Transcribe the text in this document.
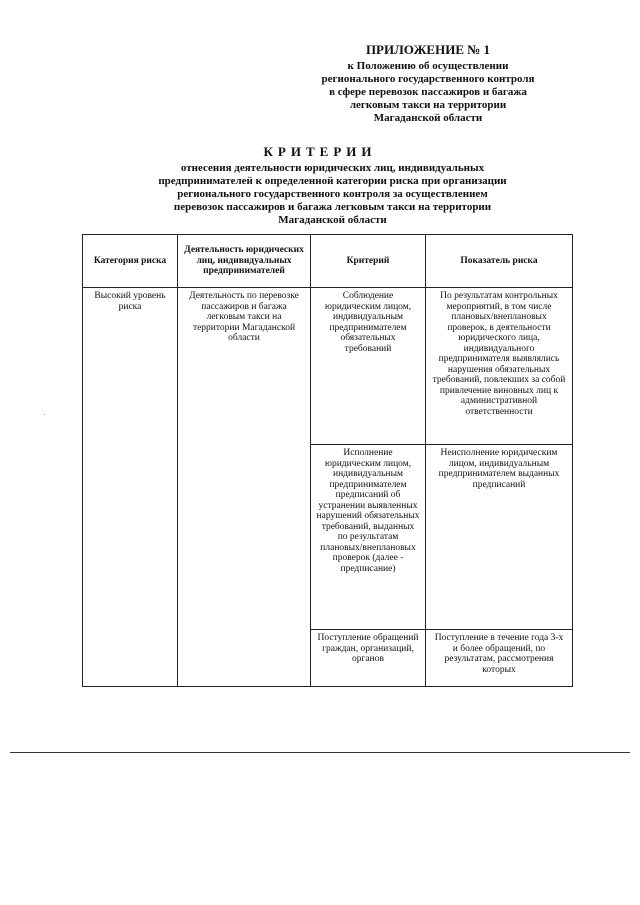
ПРИЛОЖЕНИЕ № 1
к Положению об осуществлении
регионального государственного контроля
в сфере перевозок пассажиров и багажа
легковым такси на территории
Магаданской области
КРИТЕРИИ
отнесения деятельности юридических лиц, индивидуальных
предпринимателей к определенной категории риска при организации
регионального государственного контроля за осуществлением
перевозок пассажиров и багажа легковым такси на территории
Магаданской области
Категория риска	Деятельность юридических лиц, индивидуальных предпринимателей	Критерий	Показатель риска
Высокий уровень риска	Деятельность по перевозке пассажиров и багажа легковым такси на территории Магаданской области	Соблюдение юридическим лицом, индивидуальным предпринимателем обязательных требований	По результатам контрольных мероприятий, в том числе плановых/внеплановых проверок, в деятельности юридического лица, индивидуального предпринимателя выявлялись нарушения обязательных требований, повлекших за собой привлечение виновных лиц к административной ответственности
		Исполнение юридическим лицом, индивидуальным предпринимателем предписаний об устранении выявленных нарушений обязательных требований, выданных по результатам плановых/внеплановых проверок (далее - предписание)	Неисполнение юридическим лицом, индивидуальным предпринимателем выданных предписаний
		Поступление обращений граждан, организаций, органов	Поступление в течение года 3-х и более обращений, по результатам, рассмотрения которых
